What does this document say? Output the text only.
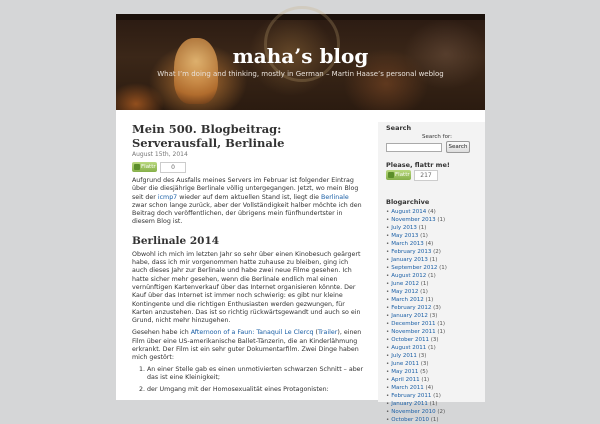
maha’s blog
What I’m doing and thinking, mostly in German – Martin Haase’s personal weblog
Mein 500. Blogbeitrag: Serverausfall, Berlinale
August 15th, 2014
Flattr	0

Aufgrund des Ausfalls meines Servers im Februar ist folgender Eintrag über die diesjährige Berlinale völlig untergegangen. Jetzt, wo mein Blog seit der icmp7 wieder auf dem aktuellen Stand ist, liegt die Berlinale zwar schon lange zurück, aber der Vollständigkeit halber möchte ich den Beitrag doch veröffentlichen, der übrigens mein fünfhundertster in diesem Blog ist.

Berlinale 2014

Obwohl ich mich im letzten Jahr so sehr über einen Kinobesuch geärgert habe, dass ich mir vorgenommen hatte zuhause zu bleiben, ging ich auch dieses Jahr zur Berlinale und habe zwei neue Filme gesehen. Ich hatte sicher mehr gesehen, wenn die Berlinale endlich mal einen vernünftigen Kartenverkauf über das Internet organisieren könnte. Der Kauf über das Internet ist immer noch schwierig: es gibt nur kleine Kontingente und die richtigen Enthusiasten werden gezwungen, für Karten anzustehen. Das ist so richtig rückwärtsgewandt und auch so ein Grund, nicht mehr hinzugehen.

Gesehen habe ich Afternoon of a Faun: Tanaquil Le Clercq (Trailer), einen Film über eine US-amerikanische Ballet-Tänzerin, die an Kinderlähmung erkrankt. Der Film ist ein sehr guter Dokumentarfilm. Zwei Dinge haben mich gestört:

1. An einer Stelle gab es einen unmotivierten schwarzen Schnitt – aber das ist eine Kleinigkeit;
2. der Umgang mit der Homosexualität eines Protagonisten:
Search
Search for:
Search
Please, flattr me!
Flattr	217
Blogarchive
• August 2014 (4)
• November 2013 (1)
• July 2013 (1)
• May 2013 (1)
• March 2013 (4)
• February 2013 (2)
• January 2013 (1)
• September 2012 (1)
• August 2012 (1)
• June 2012 (1)
• May 2012 (1)
• March 2012 (1)
• February 2012 (3)
• January 2012 (3)
• December 2011 (1)
• November 2011 (1)
• October 2011 (3)
• August 2011 (1)
• July 2011 (3)
• June 2011 (3)
• May 2011 (5)
• April 2011 (1)
• March 2011 (4)
• February 2011 (1)
• January 2011 (1)
• November 2010 (2)
• October 2010 (1)
